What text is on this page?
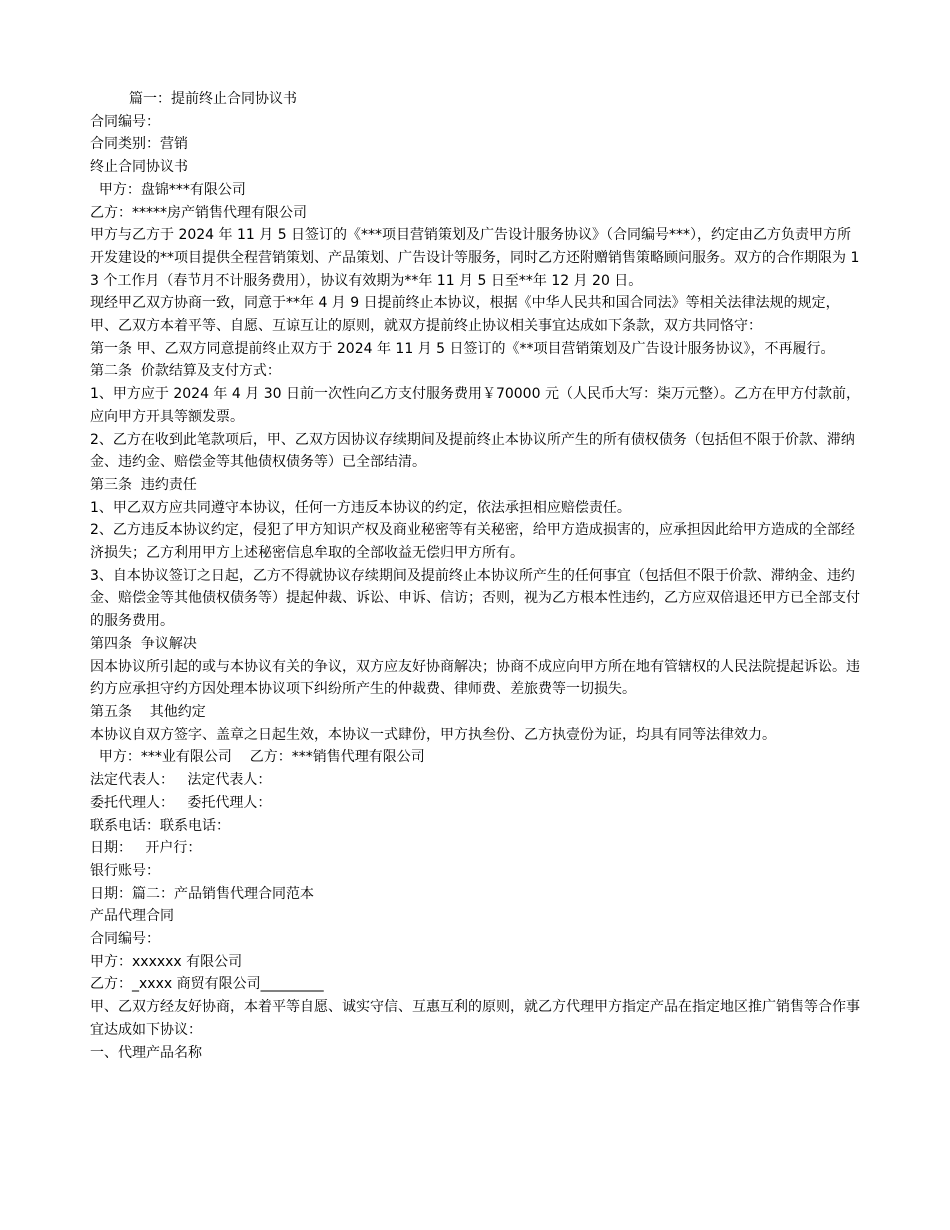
篇一：提前终止合同协议书
合同编号：
合同类别：营销
终止合同协议书
甲方：盘锦***有限公司
乙方：*****房产销售代理有限公司
甲方与乙方于 2024 年 11 月 5 日签订的《***项目营销策划及广告设计服务协议》（合同编号***），约定由乙方负责甲方所开发建设的**项目提供全程营销策划、产品策划、广告设计等服务，同时乙方还附赠销售策略顾问服务。双方的合作期限为 13 个工作月（春节月不计服务费用），协议有效期为**年 11 月 5 日至**年 12 月 20 日。
现经甲乙双方协商一致，同意于**年 4 月 9 日提前终止本协议，根据《中华人民共和国合同法》等相关法律法规的规定，甲、乙双方本着平等、自愿、互谅互让的原则，就双方提前终止协议相关事宜达成如下条款，双方共同恪守：
第一条 甲、乙双方同意提前终止双方于 2024 年 11 月 5 日签订的《**项目营销策划及广告设计服务协议》，不再履行。
第二条  价款结算及支付方式：
1、甲方应于 2024 年 4 月 30 日前一次性向乙方支付服务费用￥70000 元（人民币大写：柒万元整）。乙方在甲方付款前，应向甲方开具等额发票。
2、乙方在收到此笔款项后，甲、乙双方因协议存续期间及提前终止本协议所产生的所有债权债务（包括但不限于价款、滞纳金、违约金、赔偿金等其他债权债务等）已全部结清。
第三条  违约责任
1、甲乙双方应共同遵守本协议，任何一方违反本协议的约定，依法承担相应赔偿责任。
2、乙方违反本协议约定，侵犯了甲方知识产权及商业秘密等有关秘密，给甲方造成损害的，应承担因此给甲方造成的全部经济损失；乙方利用甲方上述秘密信息牟取的全部收益无偿归甲方所有。
3、自本协议签订之日起，乙方不得就协议存续期间及提前终止本协议所产生的任何事宜（包括但不限于价款、滞纳金、违约金、赔偿金等其他债权债务等）提起仲裁、诉讼、申诉、信访；否则，视为乙方根本性违约，乙方应双倍退还甲方已全部支付的服务费用。
第四条  争议解决
因本协议所引起的或与本协议有关的争议，双方应友好协商解决；协商不成应向甲方所在地有管辖权的人民法院提起诉讼。违约方应承担守约方因处理本协议项下纠纷所产生的仲裁费、律师费、差旅费等一切损失。
第五条    其他约定
本协议自双方签字、盖章之日起生效，本协议一式肆份，甲方执叁份、乙方执壹份为证，均具有同等法律效力。
甲方：***业有限公司    乙方：***销售代理有限公司
法定代表人：   法定代表人：
委托代理人：   委托代理人：
联系电话：联系电话：
日期：   开户行：
银行账号：
日期：篇二：产品销售代理合同范本
产品代理合同
合同编号：
甲方：xxxxxx 有限公司
乙方：_xxxx 商贸有限公司_________
甲、乙双方经友好协商，本着平等自愿、诚实守信、互惠互利的原则，就乙方代理甲方指定产品在指定地区推广销售等合作事宜达成如下协议：
一、代理产品名称
